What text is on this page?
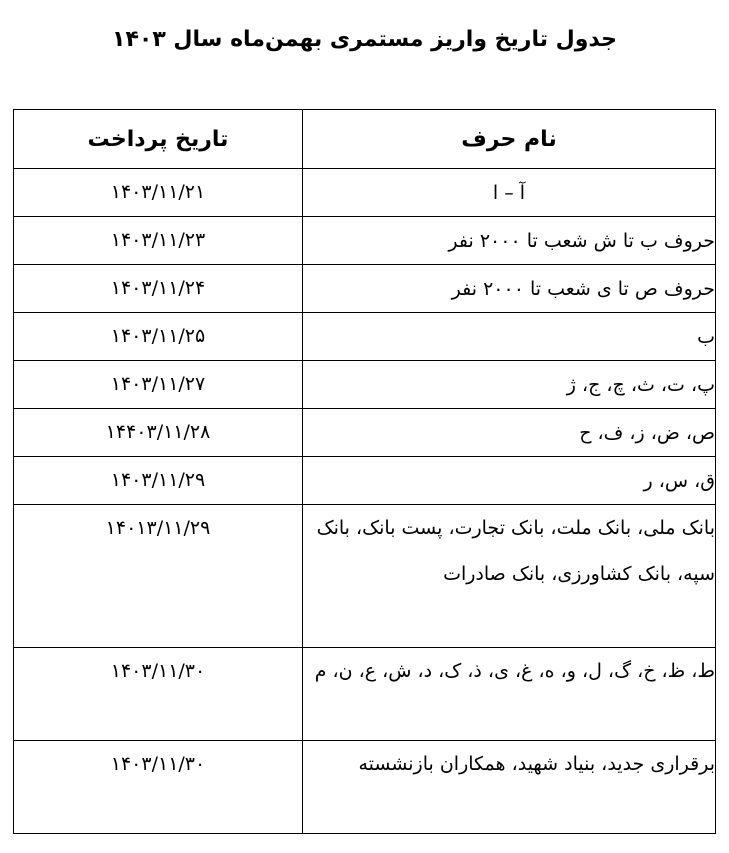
جدول تاریخ واریز مستمری بهمن‌ماه سال ۱۴۰۳
نام حرف	تاریخ پرداخت
آ – ا	۱۴۰۳/۱۱/۲۱
حروف ب تا ش شعب تا ۲۰۰۰ نفر	۱۴۰۳/۱۱/۲۳
حروف ص تا ی شعب تا ۲۰۰۰ نفر	۱۴۰۳/۱۱/۲۴
ب	۱۴۰۳/۱۱/۲۵
پ، ت، ث، چ، ج، ژ	۱۴۰۳/۱۱/۲۷
ص، ض، ز، ف، ح	۱۴۴۰۳/۱۱/۲۸
ق، س، ر	۱۴۰۳/۱۱/۲۹
بانک ملی، بانک ملت، بانک تجارت، پست بانک، بانک سپه، بانک کشاورزی، بانک صادرات	۱۴۰۱۳/۱۱/۲۹
ط، ظ، خ، گ، ل، و، ه، غ، ی، ذ، ک، د، ش، ع، ن، م	۱۴۰۳/۱۱/۳۰
برقراری جدید، بنیاد شهید، همکاران بازنشسته	۱۴۰۳/۱۱/۳۰
